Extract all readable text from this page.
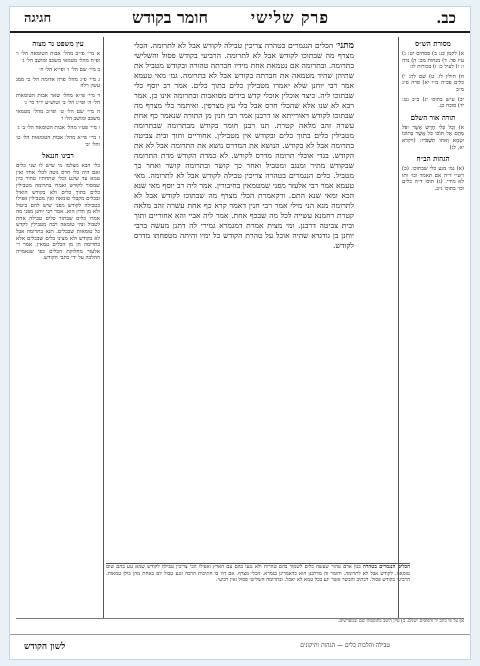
כב.
פרק שלישי
חומר בקודש
חגיגה
עין משפט נר מצוה

א מיי׳ פי״ב מהל׳ אבות הטומאה הל׳ ו׳ ופ״ח מהל׳ מטמאי משכב ומושב הל׳ ג׳

ב מיי׳ שם הל׳ ז׳ ופי״א הל׳ ח׳

ג מיי׳ פ״ג מהל׳ פרה אדומה הל׳ ב׳ סמג עשין רלה

ד מיי׳ פי״א מהל׳ שאר אבות הטומאות הל׳ ה׳ ופי״ג הל׳ ב׳ וטוש״ע יו״ד סי׳ ג׳

ה מיי׳ שם הל׳ ט׳ ופי״ב מהל׳ מטמאי משכב ומושב הל׳ ו׳

ו מיי׳ פט״ו מהל׳ אבות הטומאה הל׳ ב׳ ג׳

ז מיי׳ פי״א מהל׳ אבות הטומאות הל׳ ט׳ והל׳ יב׳

רבינו חננאל

כלי הבא מצלמו מי שיש לו שני כלים ואם היה כלי חרס נוטה לכלי אחד ואין טמא עד שיגע וכלי שתחתיו טהור כיון שמסור לקודש ואמרו בתרומה מטבילין כלים בתוך כלים ולא בקודש הואיל ובכלים מקבלי טומאה ואין מטבילין אפילו בטבילה לקודש מפני שיש להם ביטול ולא מן הדין הוא. אמר רבי יוחנן מפני מה אמרו כלים שבתוך כלים טבילה אחת לטבול ונהי טומאה רבה מטבילין לקדש כל טומאות שבכלים. תנא בתרומה אבל לא בקודש ולא מצינו כלים שבכלים אלא בתרומה הן מן הכלים טמאין. אמר ר׳ אלעזר מחלוקת הכלים כפי שנאמרה ההלכה על ידי כתבי הקודש.

מתני׳ הכלים הנגמרים בטהרה צריכין טבילה לקודש אבל לא לתרומה. הכלי מצרף מה שבתוכו לקודש אבל לא לתרומה. הרביעי בקודש פסול והשלישי בתרומה. ובתרומה אם נטמאת אחת מידיו חברתה טהורה ובקודש מטביל את שתיהן שהיד מטמאה את חברתה בקודש אבל לא בתרומה. גמ׳ מאי טעמא אמר רבי יוחנן שלא יאמרו מטבילין כלים בתוך כלים. אמר רב יוסף כלי שבתוכו ליה. כיצד אוכלין אוכלי קדש בידים מסואבות ובתרומה אינו כן. אמר רבא לא שנו אלא שהכלי חרס אבל כלי עץ מצרפין. ואיתמר כלי מצרף מה שבתוכו לקודש דאורייתא או דרבנן אמר רבי חנין מן התורה שנאמר כף אחת עשרה זהב מלאה קטרת. תנו רבנן חומר בקודש מבתרומה שבתרומה מטבילין כלים בתוך כלים ובקודש אין מטבילין. אחוריים ותוך ובית צביטה בתרומה אבל לא בקודש. הנושא את המדרס נושא את התרומה אבל לא את הקודש. בגדי אוכלי תרומה מדרס לקודש. לא כמדת הקודש מדת התרומה שבקודש מתיר ומנגב ומטביל ואחר כך קושר ובתרומה קושר ואחר כך מטביל. כלים הנגמרים בטהרה צריכין טבילה לקודש אבל לא לתרומה. מאי טעמא אמר רבי אלעזר מפני שמטמאין בחיבורין. אמר ליה רב יוסף מאי שנא הכא ומאי שנא התם. ודקאמרת הכלי מצרף מה שבתוכו לקודש אבל לא לתרומה מנא הני מילי אמר רבי חנין דאמר קרא כף אחת עשרה זהב מלאה קטרת רחמנא עשייה לכל מה שבכף אחת. אמר ליה אביי והא אחוריים ותוך ובית צביטה דרבנן. ומי מצית אמרת דמגמרא גמירי לה דתנן מעשה ברבי יוחנן בן גודגדא שהיה אוכל על טהרת הקודש כל ימיו והיתה מטפחתו מדרס לקודש.
הכלים הנגמרים בטהרה כגון אדם טהור שעשה כלים לשמור בהם טהרות ולא נגעו בהם עם הארץ ואפילו הכי צריכין טבילה לקודש שמא נגע בהם שום טומאה. לקודש אבל לא לתרומה. וחומר זה מדרבנן הוא כדאמרינן בגמרא. הכלי מצרף. אם היו בו חתיכות הרבה ונגע טבול יום באחת מהן כולן טמאות. הרביעי בקודש פסול. דכתיב והבשר אשר יגע בכל טמא לא יאכל. ובתרומה השלישי פסול ואין רביעי.
מסורת הש״ס

א) לקמן כג: ב) פסחים יט: ג) ע״ז פד. ד) מנחות מב: ה) נדה ו: ו) לעיל כ: ז) בכורות לו:

ח) חולין לו. ט) שם לה: י) כלים פכ״ה מ״ו יא) פרה פ״ג מ״ב

יב) ע״ש בתוס׳ יג) ב״ב נט: יד) סוכה כג.

תורה אור השלם

א) וְכָל כְּלִי חֶרֶשׂ אֲשֶׁר יִפֹּל מֵהֶם אֶל תּוֹכוֹ כֹּל אֲשֶׁר בְּתוֹכוֹ יִטְמָא וְאֹתוֹ תִשְׁבֹּרוּ: (ויקרא יא, לג)

הגהות הב״ח

(א) גמ׳ מגע כלי שבתוכו. (ב) רש״י ד״ה אם תאמר וכו׳ ותו לא מידי. (ג) תוס׳ ד״ה כלים וכו׳ בתוכו נ״ב.

א) על פי כתב יד ודפוסים ישנים. ב) עיין היטב בתוספות שם ובמפרשים.
טבילה והלכות כלים — הגהות ותיקונים
לשון הקודש
